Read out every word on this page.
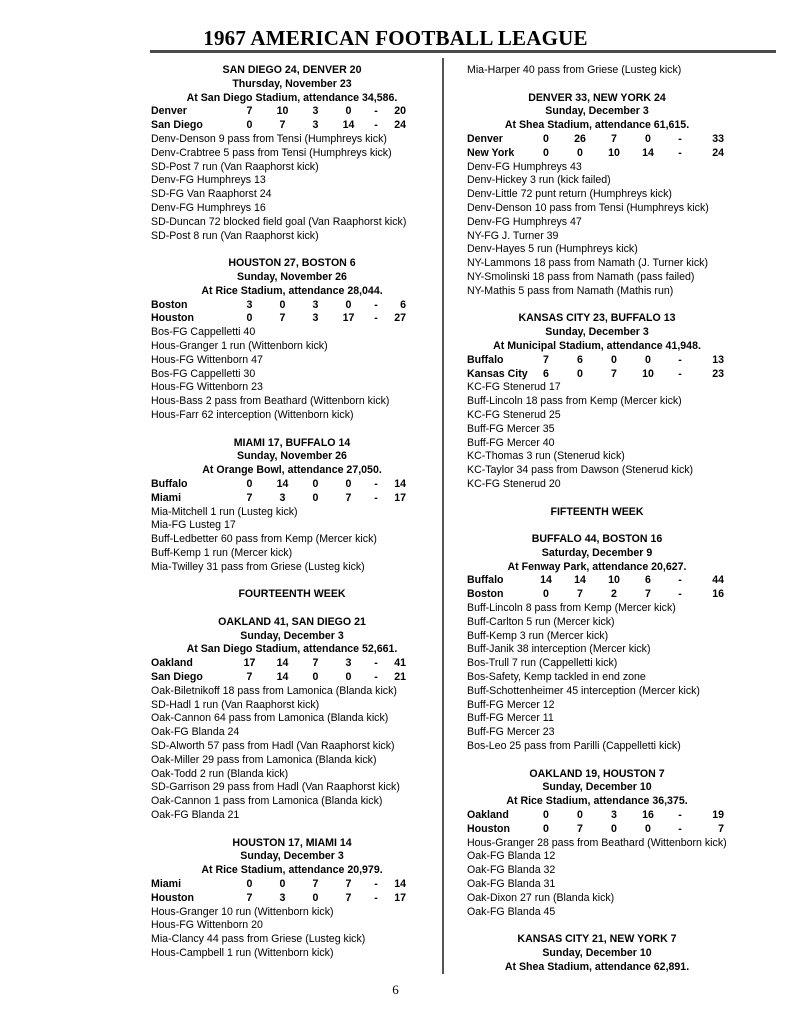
1967 AMERICAN FOOTBALL LEAGUE
SAN DIEGO 24, DENVER 20
Thursday, November 23
At San Diego Stadium, attendance 34,586.
Denver	7	10	3	0	-	20
San Diego	0	7	3	14	-	24
Denv-Denson 9 pass from Tensi (Humphreys kick)
Denv-Crabtree 5 pass from Tensi (Humphreys kick)
SD-Post 7 run (Van Raaphorst kick)
Denv-FG Humphreys 13
SD-FG Van Raaphorst 24
Denv-FG Humphreys 16
SD-Duncan 72 blocked field goal (Van Raaphorst kick)
SD-Post 8 run (Van Raaphorst kick)
HOUSTON 27, BOSTON 6
Sunday, November 26
At Rice Stadium, attendance 28,044.
Boston	3	0	3	0	-	6
Houston	0	7	3	17	-	27
Bos-FG Cappelletti 40
Hous-Granger 1 run (Wittenborn kick)
Hous-FG Wittenborn 47
Bos-FG Cappelletti 30
Hous-FG Wittenborn 23
Hous-Bass 2 pass from Beathard (Wittenborn kick)
Hous-Farr 62 interception (Wittenborn kick)
MIAMI 17, BUFFALO 14
Sunday, November 26
At Orange Bowl, attendance 27,050.
Buffalo	0	14	0	0	-	14
Miami	7	3	0	7	-	17
Mia-Mitchell 1 run (Lusteg kick)
Mia-FG Lusteg 17
Buff-Ledbetter 60 pass from Kemp (Mercer kick)
Buff-Kemp 1 run (Mercer kick)
Mia-Twilley 31 pass from Griese (Lusteg kick)
FOURTEENTH WEEK
OAKLAND 41, SAN DIEGO 21
Sunday, December 3
At San Diego Stadium, attendance 52,661.
Oakland	17	14	7	3	-	41
San Diego	7	14	0	0	-	21
Oak-Biletnikoff 18 pass from Lamonica (Blanda kick)
SD-Hadl 1 run (Van Raaphorst kick)
Oak-Cannon 64 pass from Lamonica (Blanda kick)
Oak-FG Blanda 24
SD-Alworth 57 pass from Hadl (Van Raaphorst kick)
Oak-Miller 29 pass from Lamonica (Blanda kick)
Oak-Todd 2 run (Blanda kick)
SD-Garrison 29 pass from Hadl (Van Raaphorst kick)
Oak-Cannon 1 pass from Lamonica (Blanda kick)
Oak-FG Blanda 21
HOUSTON 17, MIAMI 14
Sunday, December 3
At Rice Stadium, attendance 20,979.
Miami	0	0	7	7	-	14
Houston	7	3	0	7	-	17
Hous-Granger 10 run (Wittenborn kick)
Hous-FG Wittenborn 20
Mia-Clancy 44 pass from Griese (Lusteg kick)
Hous-Campbell 1 run (Wittenborn kick)
Mia-Harper 40 pass from Griese (Lusteg kick)
DENVER 33, NEW YORK 24
Sunday, December 3
At Shea Stadium, attendance 61,615.
Denver	0	26	7	0	-	33
New York	0	0	10	14	-	24
Denv-FG Humphreys 43
Denv-Hickey 3 run (kick failed)
Denv-Little 72 punt return (Humphreys kick)
Denv-Denson 10 pass from Tensi (Humphreys kick)
Denv-FG Humphreys 47
NY-FG J. Turner 39
Denv-Hayes 5 run (Humphreys kick)
NY-Lammons 18 pass from Namath (J. Turner kick)
NY-Smolinski 18 pass from Namath (pass failed)
NY-Mathis 5 pass from Namath (Mathis run)
KANSAS CITY 23, BUFFALO 13
Sunday, December 3
At Municipal Stadium, attendance 41,948.
Buffalo	7	6	0	0	-	13
Kansas City	6	0	7	10	-	23
KC-FG Stenerud 17
Buff-Lincoln 18 pass from Kemp (Mercer kick)
KC-FG Stenerud 25
Buff-FG Mercer 35
Buff-FG Mercer 40
KC-Thomas 3 run (Stenerud kick)
KC-Taylor 34 pass from Dawson (Stenerud kick)
KC-FG Stenerud 20
FIFTEENTH WEEK
BUFFALO 44, BOSTON 16
Saturday, December 9
At Fenway Park, attendance 20,627.
Buffalo	14	14	10	6	-	44
Boston	0	7	2	7	-	16
Buff-Lincoln 8 pass from Kemp (Mercer kick)
Buff-Carlton 5 run (Mercer kick)
Buff-Kemp 3 run (Mercer kick)
Buff-Janik 38 interception (Mercer kick)
Bos-Trull 7 run (Cappelletti kick)
Bos-Safety, Kemp tackled in end zone
Buff-Schottenheimer 45 interception (Mercer kick)
Buff-FG Mercer 12
Buff-FG Mercer 11
Buff-FG Mercer 23
Bos-Leo 25 pass from Parilli (Cappelletti kick)
OAKLAND 19, HOUSTON 7
Sunday, December 10
At Rice Stadium, attendance 36,375.
Oakland	0	0	3	16	-	19
Houston	0	7	0	0	-	7
Hous-Granger 28 pass from Beathard (Wittenborn kick)
Oak-FG Blanda 12
Oak-FG Blanda 32
Oak-FG Blanda 31
Oak-Dixon 27 run (Blanda kick)
Oak-FG Blanda 45
KANSAS CITY 21, NEW YORK 7
Sunday, December 10
At Shea Stadium, attendance 62,891.
6
